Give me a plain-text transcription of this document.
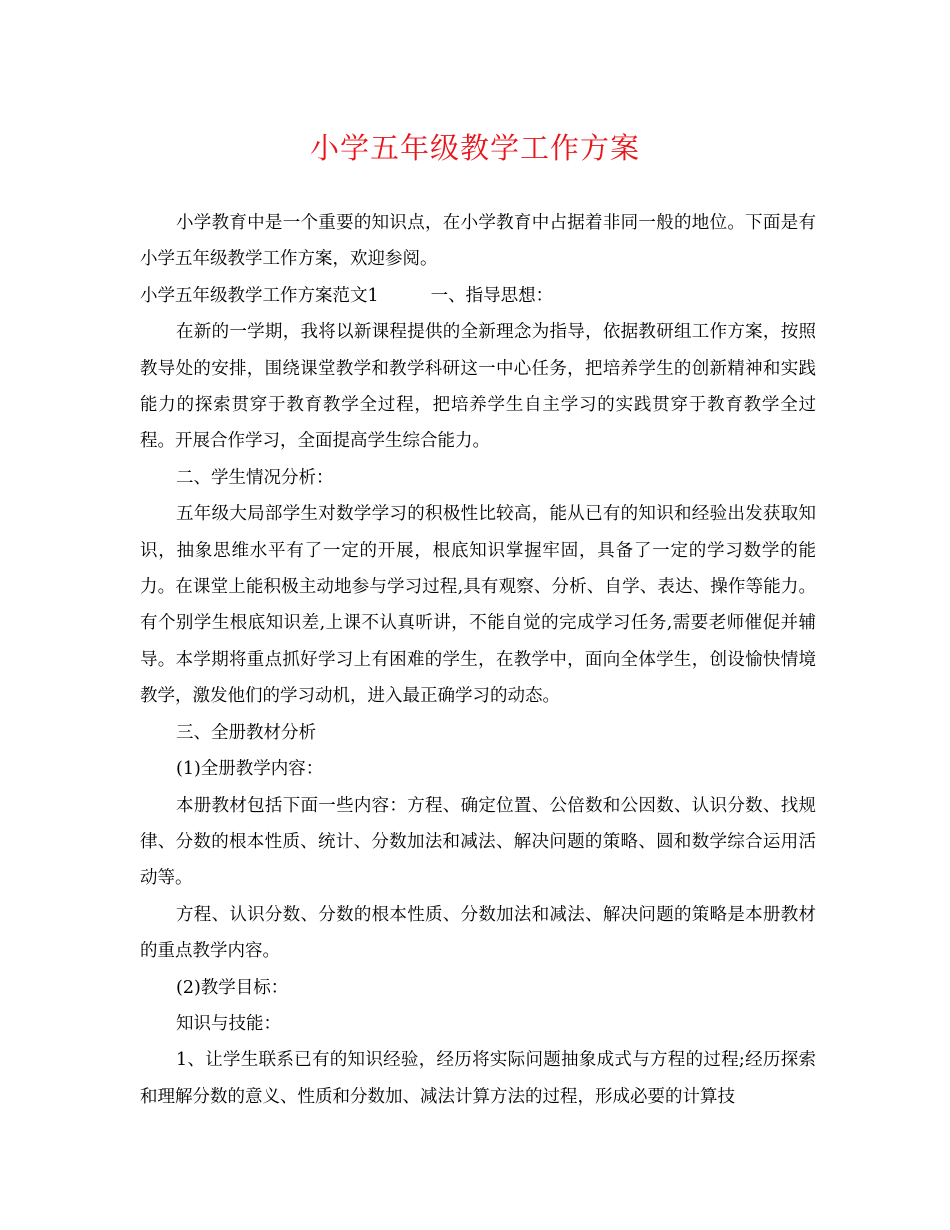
小学五年级教学工作方案

小学教育中是一个重要的知识点，在小学教育中占据着非同一般的地位。下面是有小学五年级教学工作方案，欢迎参阅。

小学五年级教学工作方案范文1	一、指导思想：

在新的一学期，我将以新课程提供的全新理念为指导，依据教研组工作方案，按照教导处的安排，围绕课堂教学和教学科研这一中心任务，把培养学生的创新精神和实践能力的探索贯穿于教育教学全过程，把培养学生自主学习的实践贯穿于教育教学全过程。开展合作学习，全面提高学生综合能力。

二、学生情况分析：

五年级大局部学生对数学学习的积极性比较高，能从已有的知识和经验出发获取知识，抽象思维水平有了一定的开展，根底知识掌握牢固，具备了一定的学习数学的能力。在课堂上能积极主动地参与学习过程,具有观察、分析、自学、表达、操作等能力。有个别学生根底知识差,上课不认真听讲，不能自觉的完成学习任务,需要老师催促并辅导。本学期将重点抓好学习上有困难的学生，在教学中，面向全体学生，创设愉快情境教学，激发他们的学习动机，进入最正确学习的动态。

三、全册教材分析

(1)全册教学内容：

本册教材包括下面一些内容：方程、确定位置、公倍数和公因数、认识分数、找规律、分数的根本性质、统计、分数加法和减法、解决问题的策略、圆和数学综合运用活动等。

方程、认识分数、分数的根本性质、分数加法和减法、解决问题的策略是本册教材的重点教学内容。

(2)教学目标：

知识与技能：

1、让学生联系已有的知识经验，经历将实际问题抽象成式与方程的过程;经历探索和理解分数的意义、性质和分数加、减法计算方法的过程，形成必要的计算技
